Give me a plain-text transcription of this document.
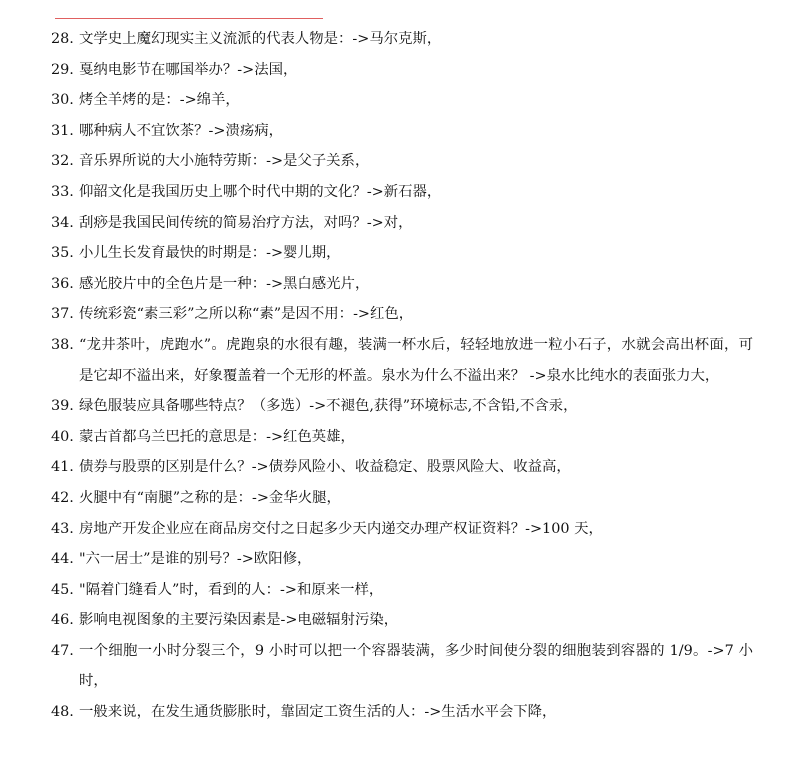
28. 文学史上魔幻现实主义流派的代表人物是：->马尔克斯，
29. 戛纳电影节在哪国举办？->法国，
30. 烤全羊烤的是：->绵羊，
31. 哪种病人不宜饮茶？->溃疡病，
32. 音乐界所说的大小施特劳斯：->是父子关系，
33. 仰韶文化是我国历史上哪个时代中期的文化？->新石器，
34. 刮痧是我国民间传统的简易治疗方法，对吗？->对，
35. 小儿生长发育最快的时期是：->婴儿期，
36. 感光胶片中的全色片是一种：->黑白感光片，
37. 传统彩瓷“素三彩”之所以称“素”是因不用：->红色，
38. “龙井茶叶，虎跑水”。虎跑泉的水很有趣，装满一杯水后，轻轻地放进一粒小石子，水就会高出杯面，可是它却不溢出来，好象覆盖着一个无形的杯盖。泉水为什么不溢出来？ ->泉水比纯水的表面张力大，
39. 绿色服装应具备哪些特点？（多选）->不褪色,获得”环境标志,不含铅,不含汞，
40. 蒙古首都乌兰巴托的意思是：->红色英雄，
41. 债券与股票的区别是什么？->债券风险小、收益稳定、股票风险大、收益高，
42. 火腿中有“南腿”之称的是：->金华火腿，
43. 房地产开发企业应在商品房交付之日起多少天内递交办理产权证资料？->100 天，
44. "六一居士”是谁的别号？->欧阳修，
45. "隔着门缝看人”时，看到的人：->和原来一样，
46. 影响电视图象的主要污染因素是->电磁辐射污染，
47. 一个细胞一小时分裂三个，9 小时可以把一个容器装满，多少时间使分裂的细胞装到容器的 1/9。->7 小时，
48. 一般来说，在发生通货膨胀时，靠固定工资生活的人：->生活水平会下降，
